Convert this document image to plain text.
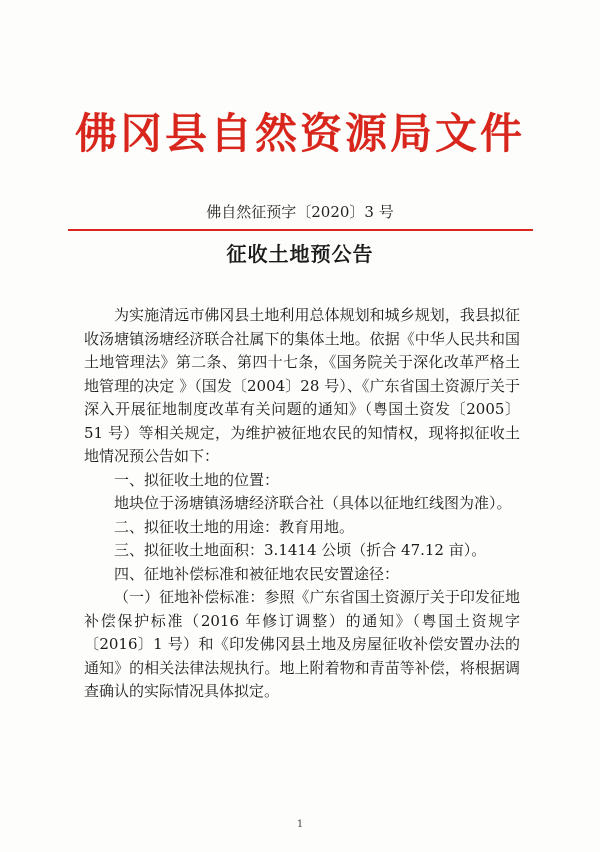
佛冈县自然资源局文件
佛自然征预字〔2020〕3 号
征收土地预公告

为实施清远市佛冈县土地利用总体规划和城乡规划，我县拟征收汤塘镇汤塘经济联合社属下的集体土地。依据《中华人民共和国土地管理法》第二条、第四十七条，《国务院关于深化改革严格土地管理的决定 》（国发〔2004〕28 号）、《广东省国土资源厅关于深入开展征地制度改革有关问题的通知》（粤国土资发〔2005〕51 号）等相关规定，为维护被征地农民的知情权，现将拟征收土地情况预公告如下：

一、拟征收土地的位置：

地块位于汤塘镇汤塘经济联合社（具体以征地红线图为准）。

二、拟征收土地的用途：教育用地。

三、拟征收土地面积：3.1414 公顷（折合 47.12 亩）。

四、征地补偿标准和被征地农民安置途径：

（一）征地补偿标准：参照《广东省国土资源厅关于印发征地补偿保护标准（2016 年修订调整）的通知》（粤国土资规字〔2016〕1 号）和《印发佛冈县土地及房屋征收补偿安置办法的通知》的相关法律法规执行。地上附着物和青苗等补偿，将根据调查确认的实际情况具体拟定。

1
